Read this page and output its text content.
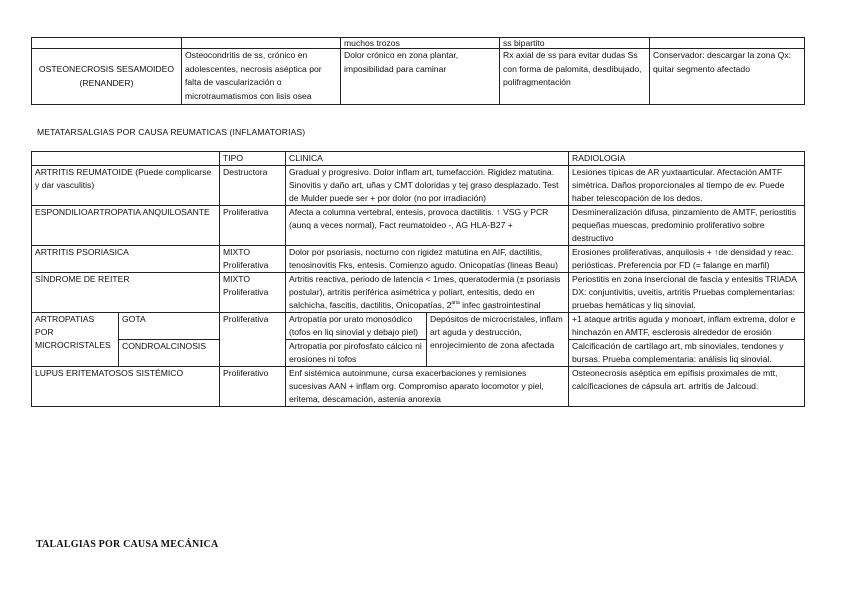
		muchos trozos	ss bipartito	
OSTEONECROSIS SESAMOIDEO (RENANDER)	Osteocondritis de ss, crónico en adolescentes, necrosis aséptica por falta de vascularización o microtraumatismos con lisis osea	Dolor crónico en zona plantar, imposibilidad para caminar	Rx axial de ss para evitar dudas Ss con forma de palomita, desdibujado, polifragmentación	Conservador: descargar la zona Qx: quitar segmento afectado
METATARSALGIAS POR CAUSA REUMATICAS (INFLAMATORIAS)
		TIPO	CLINICA		RADIOLOGIA
ARTRITIS REUMATOIDE (Puede complicarse y dar vasculitis)		Destructora	Gradual y progresivo. Dolor inflam art, tumefacción. Rigidez matutina. Sinovitis y daño art, uñas y CMT doloridas y tej graso desplazado. Test de Mulder puede ser + por dolor (no por irradiación)		Lesiones típicas de AR yuxtaarticular. Afectación AMTF simétrica. Daños proporcionales al tiempo de ev. Puede haber telescopación de los dedos.
ESPONDILIOARTROPATIA ANQUILOSANTE		Proliferativa	Afecta a columna vertebral, entesis, provoca dactilitis. ↑ VSG y PCR (aunq a veces normal), Fact reumatoideo -, AG HLA-B27 +		Desmineralización difusa, pinzamiento de AMTF, periostitis pequeñas muescas, predominio proliferativo sobre destructivo
ARTRITIS PSORIASICA		MIXTO Proliferativa	Dolor por psoriasis, nocturno con rigidez matutina en AIF, dactilitis, tenosinovitis Fks, entesis. Comienzo agudo. Onicopatías (lineas Beau)		Erosiones proliferativas, anquilosis + ↑de densidad y reac. periósticas. Preferencia por FD (= falange en marfil)
SÍNDROME DE REITER		MIXTO Proliferativa	Artritis reactiva, periodo de latencia < 1mes, queratodermia (± psoriasis postular), artritis periférica asimétrica y poliart, entesitis, dedo en salchicha, fascitis, dactilitis, Onicopatías, $2^{aria}$ infec gastrointestinal		Periostitis en zona insercional de fascia y entesitis TRIADA DX: conjuntivitis, uveitis, artritis Pruebas complementarias: pruebas hemáticas y liq sinovial.
ARTROPATIAS POR MICROCRISTALES	GOTA	Proliferativa	Artropatía por urato monosódico (tofos en liq sinovial y debajo piel)	Depósitos de microcristales, inflam art aguda y destrucción, enrojecimiento de zona afectada	+1 ataque artritis aguda y monoart, inflam extrema, dolor e hinchazón en AMTF, esclerosis alrededor de erosión
	CONDROALCINOSIS		Artropatía por pirofosfato cálcico ni erosiones ni tofos		Calcificación de cartílago art, mb sinoviales, tendones y bursas. Prueba complementaria: análisis liq sinovial.
LUPUS ERITEMATOSOS SISTÉMICO		Proliferativo	Enf sistémica autoinmune, cursa exacerbaciones y remisiones sucesivas AAN + inflam org. Compromiso aparato locomotor y piel, eritema, descamación, astenia anorexia		Osteonecrosis aséptica em epífisis proximales de mtt, calcificaciones de cápsula art. artritis de Jalcoud.
TALALGIAS POR CAUSA MECÁNICA
